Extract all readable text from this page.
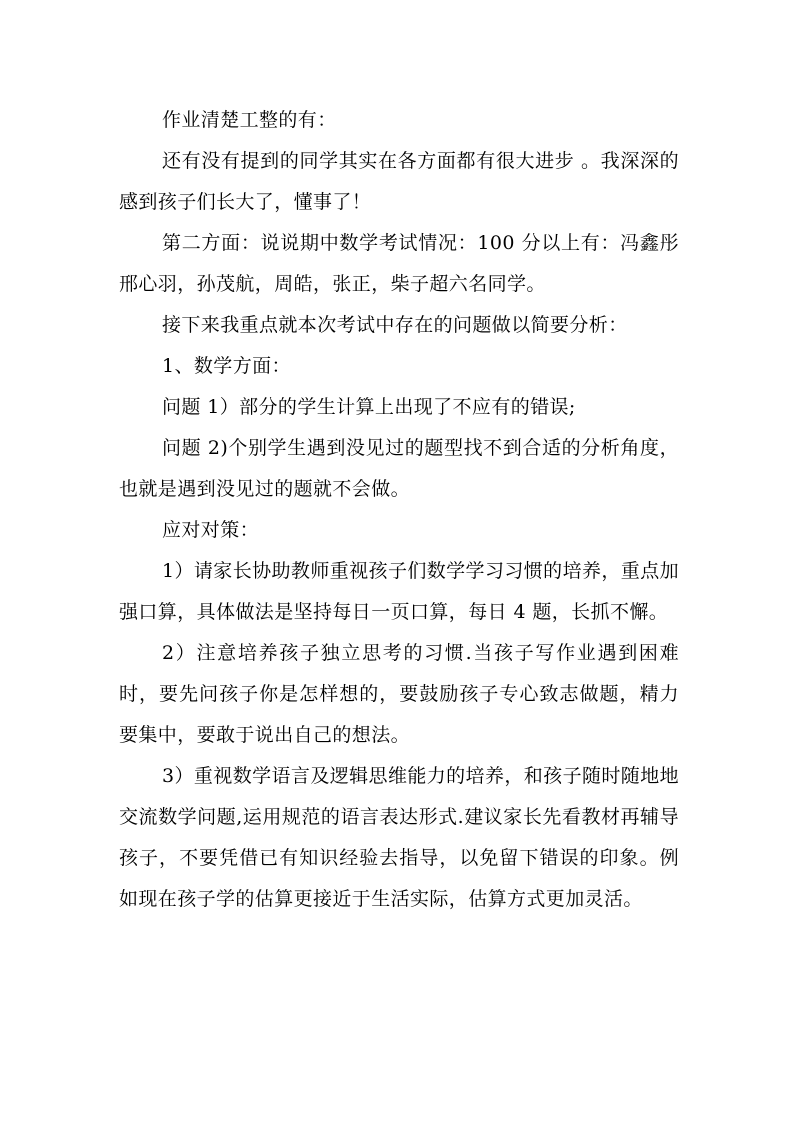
作业清楚工整的有：

还有没有提到的同学其实在各方面都有很大进步 。我深深的感到孩子们长大了，懂事了！

第二方面：说说期中数学考试情况：100 分以上有：冯鑫彤邢心羽，孙茂航，周皓，张正，柴子超六名同学。

接下来我重点就本次考试中存在的问题做以简要分析：

1、数学方面：

问题 1）部分的学生计算上出现了不应有的错误;

问题 2)个别学生遇到没见过的题型找不到合适的分析角度，也就是遇到没见过的题就不会做。

应对对策：

1）请家长协助教师重视孩子们数学学习习惯的培养，重点加强口算，具体做法是坚持每日一页口算，每日 4 题，长抓不懈。

2）注意培养孩子独立思考的习惯.当孩子写作业遇到困难时，要先问孩子你是怎样想的，要鼓励孩子专心致志做题，精力要集中，要敢于说出自己的想法。

3）重视数学语言及逻辑思维能力的培养，和孩子随时随地地交流数学问题,运用规范的语言表达形式.建议家长先看教材再辅导孩子，不要凭借已有知识经验去指导，以免留下错误的印象。例如现在孩子学的估算更接近于生活实际，估算方式更加灵活。
